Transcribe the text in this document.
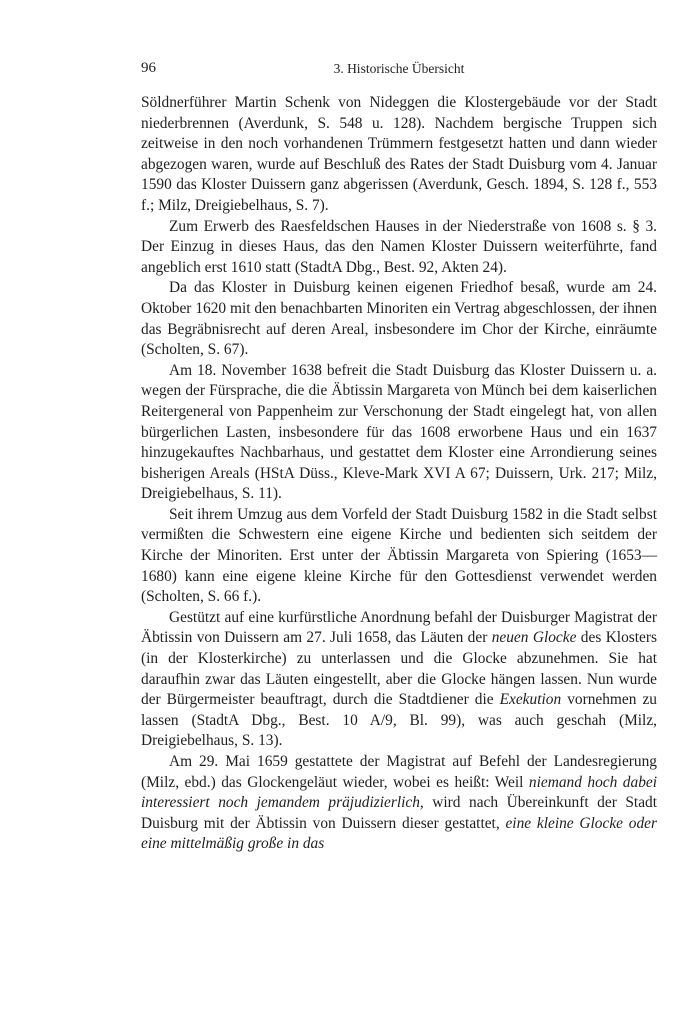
96	3. Historische Übersicht

Söldnerführer Martin Schenk von Nideggen die Klostergebäude vor der Stadt niederbrennen (Averdunk, S. 548 u. 128). Nachdem bergische Truppen sich zeitweise in den noch vorhandenen Trümmern festgesetzt hatten und dann wieder abgezogen waren, wurde auf Beschluß des Rates der Stadt Duisburg vom 4. Januar 1590 das Kloster Duissern ganz abgerissen (Averdunk, Gesch. 1894, S. 128 f., 553 f.; Milz, Dreigiebelhaus, S. 7).

Zum Erwerb des Raesfeldschen Hauses in der Niederstraße von 1608 s. § 3. Der Einzug in dieses Haus, das den Namen Kloster Duissern weiterführte, fand angeblich erst 1610 statt (StadtA Dbg., Best. 92, Akten 24).

Da das Kloster in Duisburg keinen eigenen Friedhof besaß, wurde am 24. Oktober 1620 mit den benachbarten Minoriten ein Vertrag abgeschlossen, der ihnen das Begräbnisrecht auf deren Areal, insbesondere im Chor der Kirche, einräumte (Scholten, S. 67).

Am 18. November 1638 befreit die Stadt Duisburg das Kloster Duissern u. a. wegen der Fürsprache, die die Äbtissin Margareta von Münch bei dem kaiserlichen Reitergeneral von Pappenheim zur Verschonung der Stadt eingelegt hat, von allen bürgerlichen Lasten, insbesondere für das 1608 erworbene Haus und ein 1637 hinzugekauftes Nachbarhaus, und gestattet dem Kloster eine Arrondierung seines bisherigen Areals (HStA Düss., Kleve-Mark XVI A 67; Duissern, Urk. 217; Milz, Dreigiebelhaus, S. 11).

Seit ihrem Umzug aus dem Vorfeld der Stadt Duisburg 1582 in die Stadt selbst vermißten die Schwestern eine eigene Kirche und bedienten sich seitdem der Kirche der Minoriten. Erst unter der Äbtissin Margareta von Spiering (1653—1680) kann eine eigene kleine Kirche für den Gottesdienst verwendet werden (Scholten, S. 66 f.).

Gestützt auf eine kurfürstliche Anordnung befahl der Duisburger Magistrat der Äbtissin von Duissern am 27. Juli 1658, das Läuten der neuen Glocke des Klosters (in der Klosterkirche) zu unterlassen und die Glocke abzunehmen. Sie hat daraufhin zwar das Läuten eingestellt, aber die Glocke hängen lassen. Nun wurde der Bürgermeister beauftragt, durch die Stadtdiener die Exekution vornehmen zu lassen (StadtA Dbg., Best. 10 A/9, Bl. 99), was auch geschah (Milz, Dreigiebelhaus, S. 13).

Am 29. Mai 1659 gestattete der Magistrat auf Befehl der Landesregierung (Milz, ebd.) das Glockengeläut wieder, wobei es heißt: Weil niemand hoch dabei interessiert noch jemandem präjudizierlich, wird nach Übereinkunft der Stadt Duisburg mit der Äbtissin von Duissern dieser gestattet, eine kleine Glocke oder eine mittelmäßig große in das
